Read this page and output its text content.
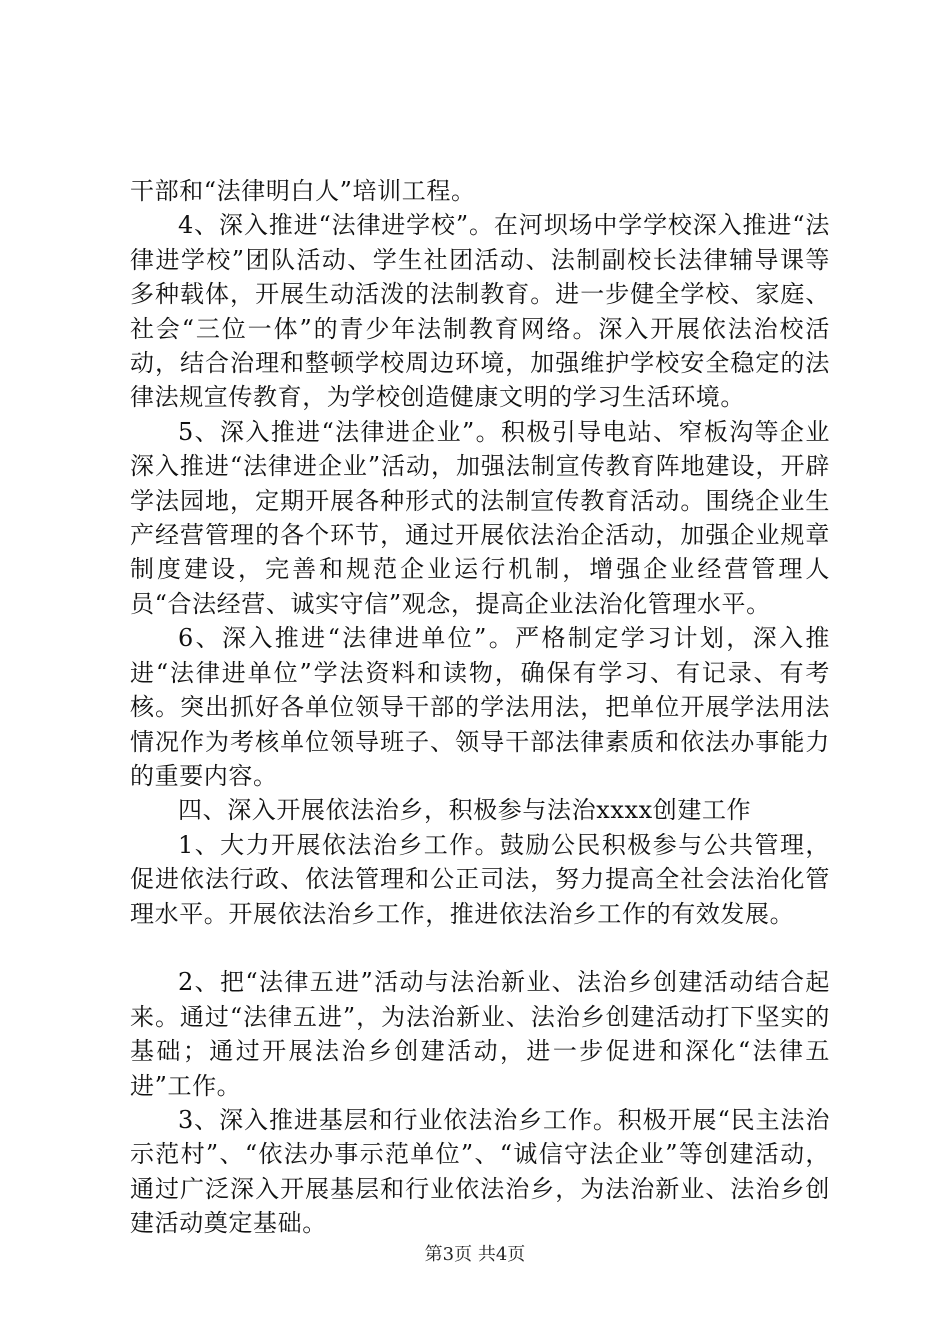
干部和“法律明白人”培训工程。

4、深入推进“法律进学校”。在河坝场中学学校深入推进“法律进学校”团队活动、学生社团活动、法制副校长法律辅导课等多种载体，开展生动活泼的法制教育。进一步健全学校、家庭、社会“三位一体”的青少年法制教育网络。深入开展依法治校活动，结合治理和整顿学校周边环境，加强维护学校安全稳定的法律法规宣传教育，为学校创造健康文明的学习生活环境。

5、深入推进“法律进企业”。积极引导电站、窄板沟等企业深入推进“法律进企业”活动，加强法制宣传教育阵地建设，开辟学法园地，定期开展各种形式的法制宣传教育活动。围绕企业生产经营管理的各个环节，通过开展依法治企活动，加强企业规章制度建设，完善和规范企业运行机制，增强企业经营管理人员“合法经营、诚实守信”观念，提高企业法治化管理水平。

6、深入推进“法律进单位”。严格制定学习计划，深入推进“法律进单位”学法资料和读物，确保有学习、有记录、有考核。突出抓好各单位领导干部的学法用法，把单位开展学法用法情况作为考核单位领导班子、领导干部法律素质和依法办事能力的重要内容。

四、深入开展依法治乡，积极参与法治xxxx创建工作

1、大力开展依法治乡工作。鼓励公民积极参与公共管理，促进依法行政、依法管理和公正司法，努力提高全社会法治化管理水平。开展依法治乡工作，推进依法治乡工作的有效发展。

2、把“法律五进”活动与法治新业、法治乡创建活动结合起来。通过“法律五进”，为法治新业、法治乡创建活动打下坚实的基础；通过开展法治乡创建活动，进一步促进和深化“法律五进”工作。

3、深入推进基层和行业依法治乡工作。积极开展“民主法治示范村”、“依法办事示范单位”、“诚信守法企业”等创建活动，通过广泛深入开展基层和行业依法治乡，为法治新业、法治乡创建活动奠定基础。

第3页 共4页
